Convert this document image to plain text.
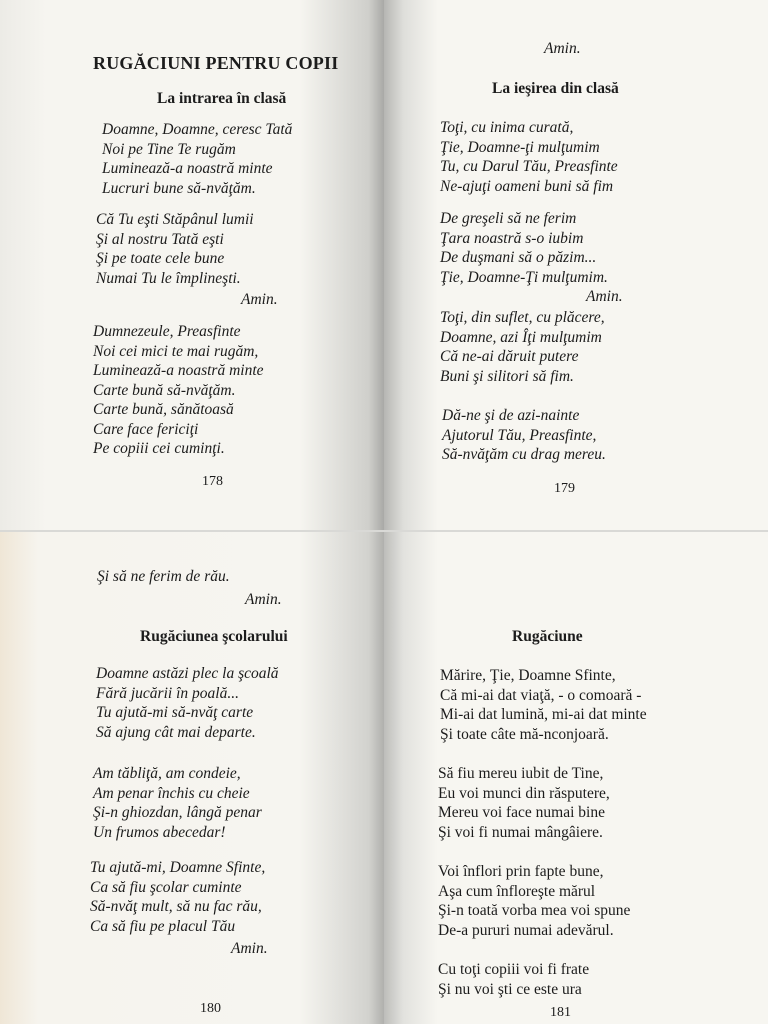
RUGĂCIUNI PENTRU COPII
La intrarea în clasă
Doamne, Doamne, ceresc Tată
Noi pe Tine Te rugăm
Luminează-a noastră minte
Lucruri bune să-nvăţăm.
Că Tu eşti Stăpânul lumii
Şi al nostru Tată eşti
Şi pe toate cele bune
Numai Tu le împlineşti.

Amin.

Dumnezeule, Preasfinte
Noi cei mici te mai rugăm,
Luminează-a noastră minte
Carte bună să-nvăţăm.
Carte bună, sănătoasă
Care face fericiţi
Pe copiii cei cuminţi.

178

Amin.

La ieşirea din clasă
Toţi, cu inima curată,
Ţie, Doamne-ţi mulţumim
Tu, cu Darul Tău, Preasfinte
Ne-ajuţi oameni buni să fim
De greşeli să ne ferim
Ţara noastră s-o iubim
De duşmani să o păzim...
Ţie, Doamne-Ţi mulţumim.

Amin.

Toţi, din suflet, cu plăcere,
Doamne, azi Îţi mulţumim
Că ne-ai dăruit putere
Buni şi silitori să fim.
Dă-ne şi de azi-nainte
Ajutorul Tău, Preasfinte,
Să-nvăţăm cu drag mereu.

179

Şi să ne ferim de rău.

Amin.

Rugăciunea şcolarului
Doamne astăzi plec la şcoală
Fără jucării în poală...
Tu ajută-mi să-nvăţ carte
Să ajung cât mai departe.
Am tăbliţă, am condeie,
Am penar închis cu cheie
Şi-n ghiozdan, lângă penar
Un frumos abecedar!
Tu ajută-mi, Doamne Sfinte,
Ca să fiu şcolar cuminte
Să-nvăţ mult, să nu fac rău,
Ca să fiu pe placul Tău

Amin.

180

Rugăciune
Mărire, Ţie, Doamne Sfinte,
Că mi-ai dat viaţă, - o comoară -
Mi-ai dat lumină, mi-ai dat minte
Şi toate câte mă-nconjoară.
Să fiu mereu iubit de Tine,
Eu voi munci din răsputere,
Mereu voi face numai bine
Şi voi fi numai mângâiere.
Voi înflori prin fapte bune,
Aşa cum înfloreşte mărul
Şi-n toată vorba mea voi spune
De-a pururi numai adevărul.
Cu toţi copiii voi fi frate
Şi nu voi şti ce este ura

181
